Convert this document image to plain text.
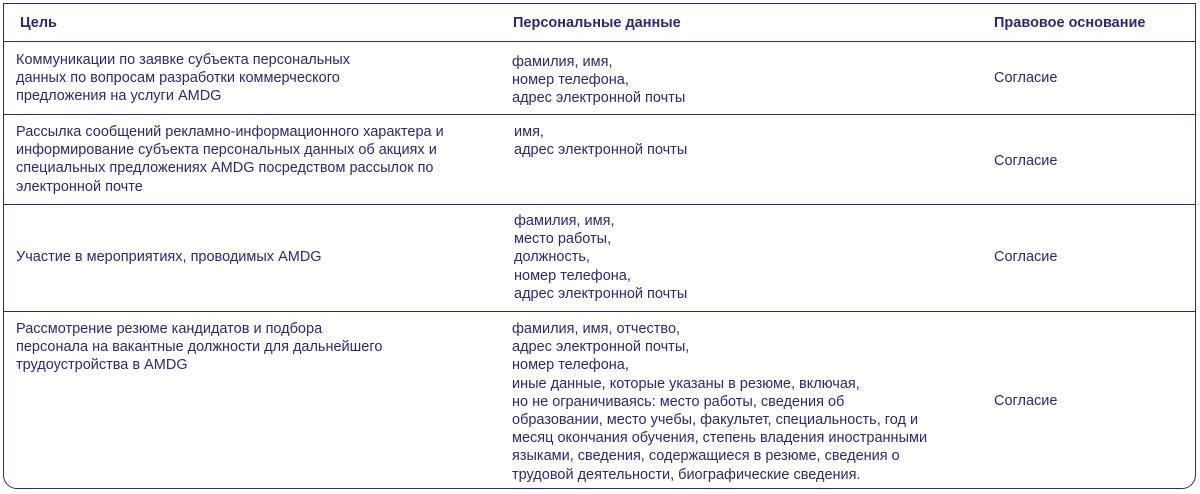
Цель	Персональные данные	Правовое основание
Коммуникации по заявке субъекта персональных
данных по вопросам разработки коммерческого
предложения на услуги AMDG
фамилия, имя,
номер телефона,
адрес электронной почты
Согласие
Рассылка сообщений рекламно-информационного характера и
информирование субъекта персональных данных об акциях и
специальных предложениях AMDG посредством рассылок по
электронной почте
имя,
адрес электронной почты
Согласие
Участие в мероприятиях, проводимых AMDG
фамилия, имя,
место работы,
должность,
номер телефона,
адрес электронной почты
Согласие
Рассмотрение резюме кандидатов и подбора
персонала на вакантные должности для дальнейшего
трудоустройства в AMDG
фамилия, имя, отчество,
адрес электронной почты,
номер телефона,
иные данные, которые указаны в резюме, включая,
но не ограничиваясь: место работы, сведения об
образовании, место учебы, факультет, специальность, год и
месяц окончания обучения, степень владения иностранными
языками, сведения, содержащиеся в резюме, сведения о
трудовой деятельности, биографические сведения.
Согласие
